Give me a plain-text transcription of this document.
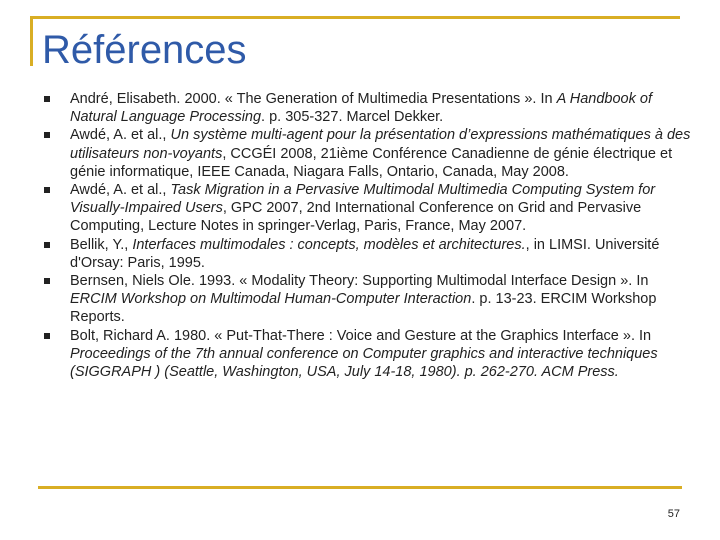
Références
André, Elisabeth. 2000. « The Generation of Multimedia Presentations ». In A Handbook of Natural Language Processing. p. 305-327. Marcel Dekker.
Awdé, A. et al., Un système multi-agent pour la présentation d’expressions mathématiques à des utilisateurs non-voyants, CCGÉI 2008, 21ième Conférence Canadienne de génie électrique et génie informatique, IEEE Canada, Niagara Falls, Ontario, Canada, May 2008.
Awdé, A. et al., Task Migration in a Pervasive Multimodal Multimedia Computing System for Visually-Impaired Users, GPC 2007, 2nd International Conference on Grid and Pervasive Computing, Lecture Notes in springer-Verlag, Paris, France, May 2007.
Bellik, Y., Interfaces multimodales : concepts, modèles et architectures., in LIMSI. Université d'Orsay: Paris, 1995.
Bernsen, Niels Ole. 1993. « Modality Theory: Supporting Multimodal Interface Design ». In ERCIM Workshop on Multimodal Human-Computer Interaction. p. 13-23. ERCIM Workshop Reports.
Bolt, Richard A. 1980. « Put-That-There : Voice and Gesture at the Graphics Interface ». In Proceedings of the 7th annual conference on Computer graphics and interactive techniques (SIGGRAPH ) (Seattle, Washington, USA, July 14-18, 1980). p. 262-270. ACM Press.
57
